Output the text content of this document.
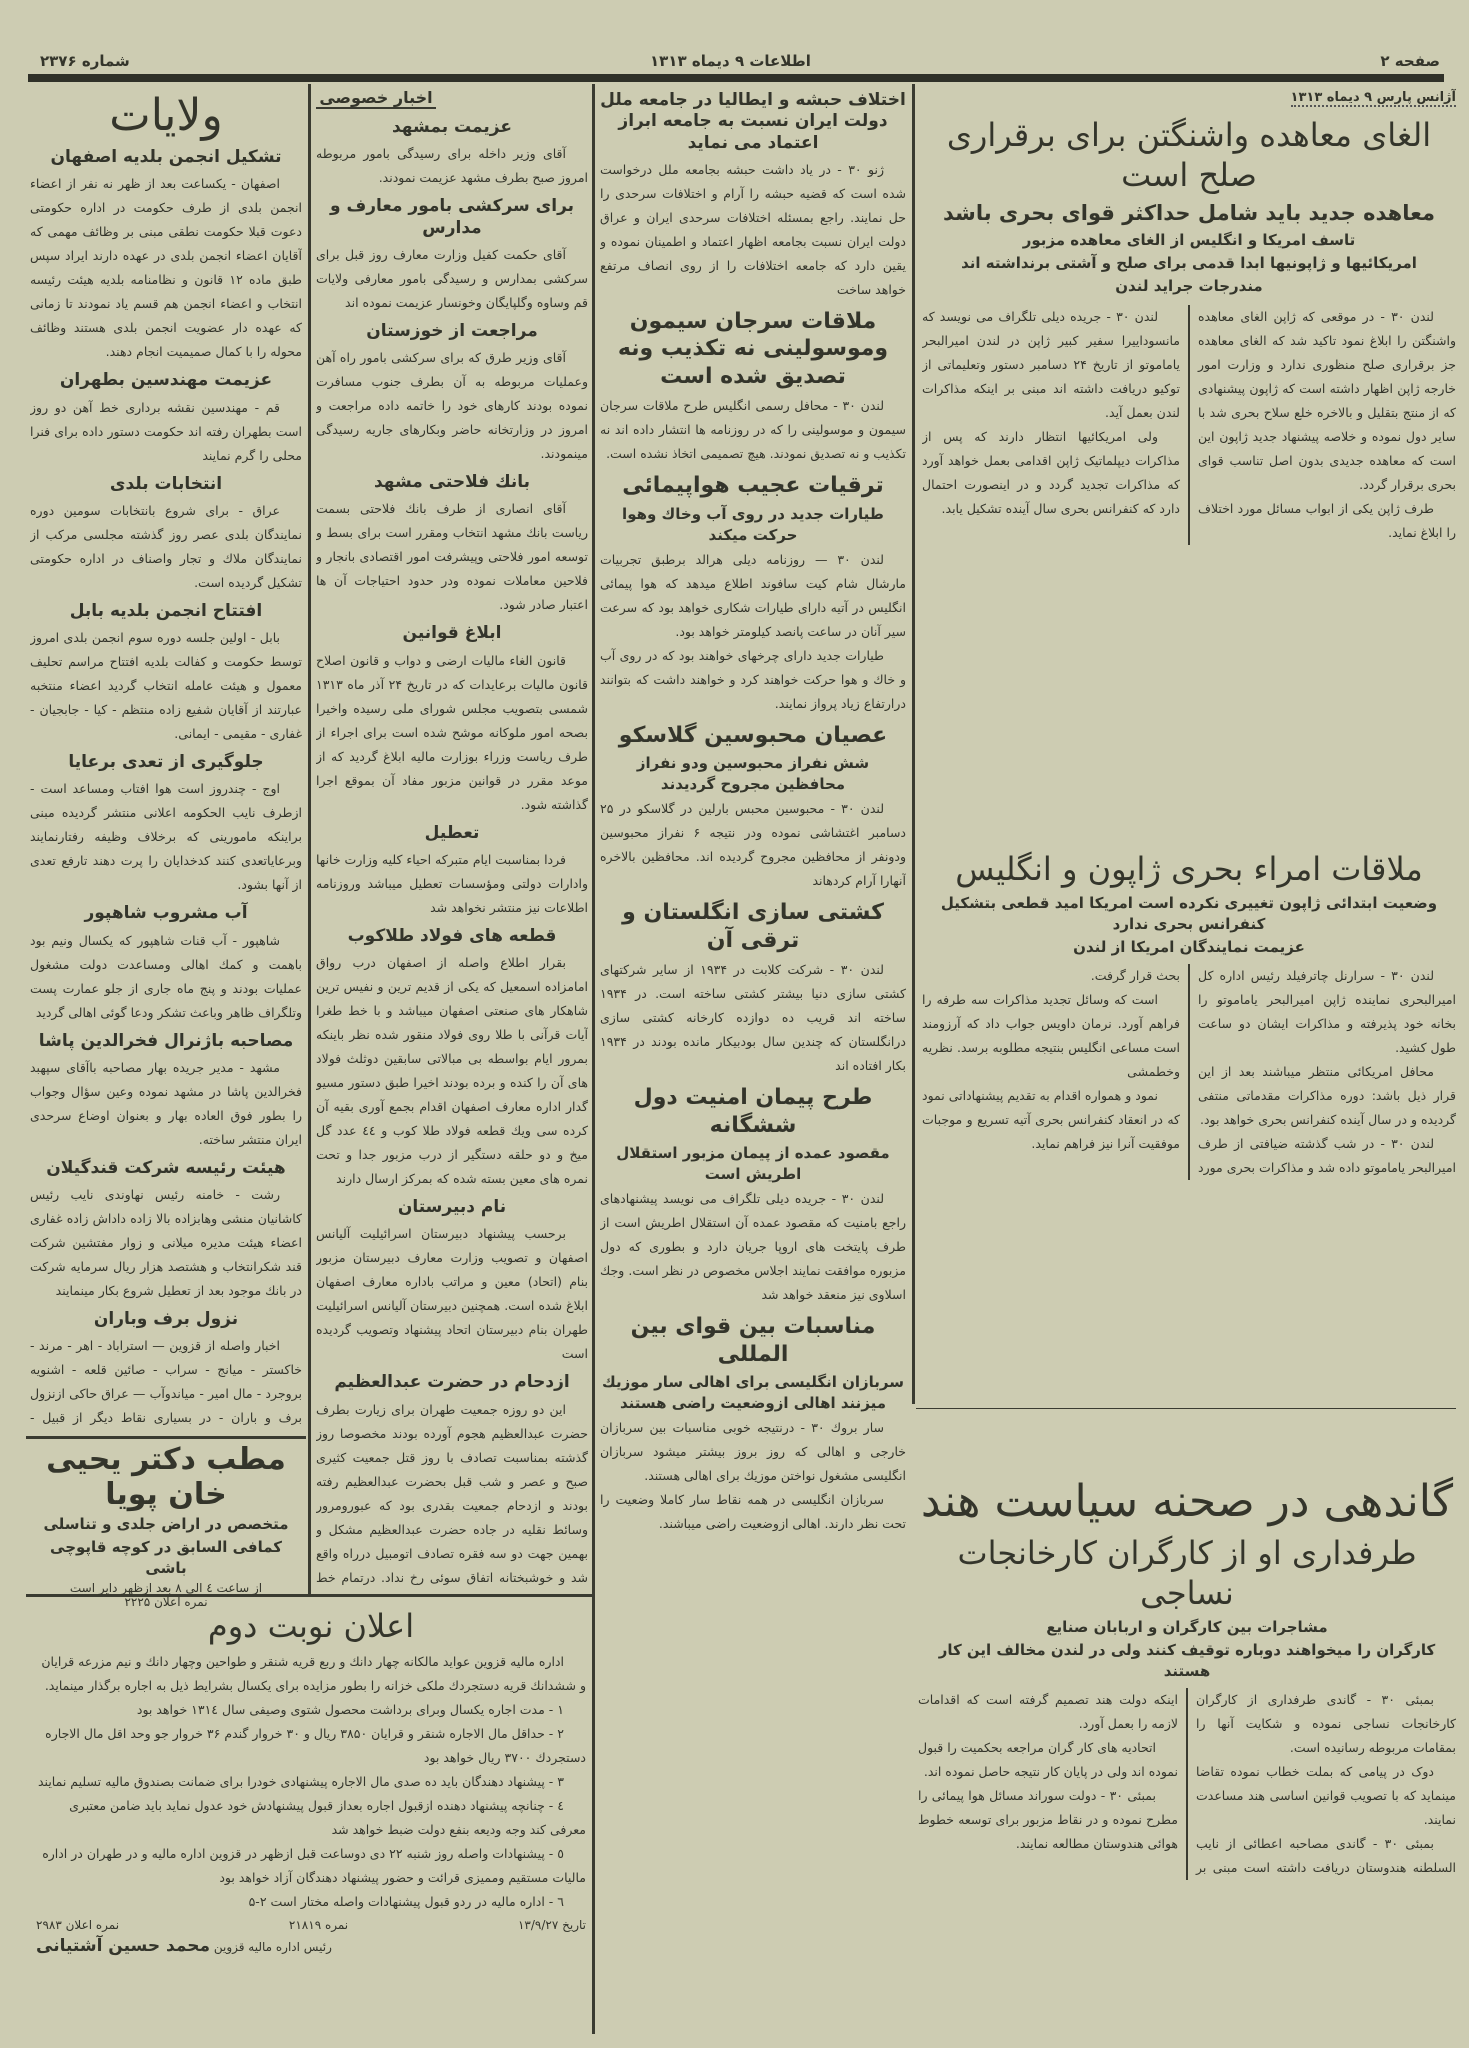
صفحه ۲
اطلاعات ۹ دیماه ۱۳۱۳
شماره ۲۳۷۶
آژانس پارس ۹ دیماه ۱۳۱۳
الغای معاهده واشنگتن برای برقراری صلح است
معاهده جدید باید شامل حداکثر قوای بحری باشد
تاسف امریکا و انگلیس از الغای معاهده مزبور
امریکائیها و ژاپونیها ابدا قدمی برای صلح و آشتی برنداشته اند
مندرجات جراید لندن

لندن ۳۰ - در موقعی که ژاپن الغای معاهده واشنگتن را ابلاغ نمود تاکید شد که الغای معاهده جز برقراری صلح منظوری ندارد و وزارت امور خارجه ژاپن اظهار داشته است که ژاپون پیشنهادی که از منتج بتقلیل و بالاخره خلع سلاح بحری شد با سایر دول نموده و خلاصه پیشنهاد جدید ژاپون این است که معاهده جدیدی بدون اصل تناسب قوای بحری برقرار گردد.

طرف ژاپن یکی از ابواب مسائل مورد اختلاف را ابلاغ نماید.

لندن ۳۰ - جریده دیلی تلگراف می نویسد که مانسوداییرا سفیر کبیر ژاپن در لندن امیرالبحر یاماموتو از تاریخ ۲۴ دسامبر دستور وتعلیماتی از توکیو دریافت داشته اند مبنی بر اینکه مذاکرات لندن بعمل آید.

ولی امریکائیها انتظار دارند که پس از مذاکرات دیپلماتیک ژاپن اقدامی بعمل خواهد آورد که مذاکرات تجدید گردد و در اینصورت احتمال دارد که کنفرانس بحری سال آینده تشکیل یابد.

ملاقات امراء بحری ژاپون و انگلیس
وضعیت ابتدائی ژاپون تغییری نکرده است امریکا امید قطعی بتشکیل کنفرانس بحری ندارد
عزیمت نمایندگان امریکا از لندن

لندن ۳۰ - سرارنل چاترفیلد رئیس اداره کل امیرالبحری نماینده ژاپن امیرالبحر یاماموتو را بخانه خود پذیرفته و مذاکرات ایشان دو ساعت طول کشید.

محافل امریکائی منتظر میباشند بعد از این قرار ذیل باشد: دوره مذاکرات مقدماتی منتفی گردیده و در سال آینده کنفرانس بحری خواهد بود.

لندن ۳۰ - در شب گذشته ضیافتی از طرف امیرالبحر یاماموتو داده شد و مذاکرات بحری مورد بحث قرار گرفت.

است که وسائل تجدید مذاکرات سه طرفه را فراهم آورد. نرمان داویس جواب داد که آرزومند است مساعی انگلیس بنتیجه مطلوبه برسد. نظریه وخطمشی

نمود و همواره اقدام به تقدیم پیشنهاداتی نمود که در انعقاد کنفرانس بحری آتیه تسریع و موجبات موفقیت آنرا نیز فراهم نماید.

گاندهی در صحنه سیاست هند
طرفداری او از کارگران کارخانجات نساجی
مشاجرات بین کارگران و اربابان صنایع
کارگران را میخواهند دوباره توقیف کنند ولی در لندن مخالف این کار هستند

بمبئی ۳۰ - گاندی طرفداری از کارگران کارخانجات نساجی نموده و شکایت آنها را بمقامات مربوطه رسانیده است.

دوک در پیامی که بملت خطاب نموده تقاضا مینماید که با تصویب قوانین اساسی هند مساعدت نمایند.

بمبئی ۳۰ - گاندی مصاحبه اعطائی از نایب السلطنه هندوستان دریافت داشته است مبنی بر اینکه دولت هند تصمیم گرفته است که اقدامات لازمه را بعمل آورد.

اتحادیه های کار گران مراجعه بحکمیت را قبول نموده اند ولی در پایان کار نتیجه حاصل نموده اند.

بمبئی ۳۰ - دولت سوراند مسائل هوا پیمائی را مطرح نموده و در نقاط مزبور برای توسعه خطوط هوائی هندوستان مطالعه نمایند.

اختلاف حبشه و ایطالیا در جامعه ملل دولت ایران نسبت به جامعه ابراز اعتماد می نماید

ژنو ۳۰ - در یاد داشت حبشه بجامعه ملل درخواست شده است که قضیه حبشه را آرام و اختلافات سرحدی را حل نمایند. راجع بمسئله اختلافات سرحدی ایران و عراق دولت ایران نسبت بجامعه اظهار اعتماد و اطمینان نموده و یقین دارد که جامعه اختلافات را از روی انصاف مرتفع خواهد ساخت

ملاقات سرجان سیمون وموسولینی نه تکذیب ونه تصدیق شده است

لندن ۳۰ - محافل رسمی انگلیس طرح ملاقات سرجان سیمون و موسولینی را که در روزنامه ها انتشار داده اند نه تکذیب و نه تصدیق نمودند. هیچ تصمیمی اتخاذ نشده است.

ترقیات عجیب هواپیمائی
طیارات جدید در روی آب وخاك وهوا حركت میكند

لندن ۳۰ — روزنامه دیلی هرالد برطبق تجربیات مارشال شام کیت سافوند اطلاع میدهد که هوا پیمائی انگلیس در آتیه دارای طیارات شکاری خواهد بود که سرعت سیر آنان در ساعت پانصد کیلومتر خواهد بود.

طیارات جدید دارای چرخهای خواهند بود که در روی آب و خاك و هوا حرکت خواهند کرد و خواهند داشت که بتوانند درارتفاع زیاد پرواز نمایند.

عصیان محبوسین گلاسکو
شش نفراز محبوسین ودو نفراز محافظین مجروح گردیدند

لندن ۳۰ - محبوسین محبس بارلین در گلاسکو در ۲۵ دسامبر اغتشاشی نموده ودر نتیجه ۶ نفراز محبوسین ودونفر از محافظین مجروح گردیده اند. محافظین بالاخره آنهارا آرام کردهاند

کشتی سازی انگلستان و ترقی آن

لندن ۳۰ - شرکت کلابت در ۱۹۳۴ از سایر شرکتهای کشتی سازی دنیا بیشتر کشتی ساخته است. در ۱۹۳۴ ساخته اند قریب ده دوازده کارخانه کشتی سازی درانگلستان که چندین سال بودبیکار مانده بودند در ۱۹۳۴ بکار افتاده اند

طرح پیمان امنیت دول ششگانه
مقصود عمده از پیمان مزبور استقلال اطریش است

لندن ۳۰ - جریده دیلی تلگراف می نویسد پیشنهادهای راجع بامنیت که مقصود عمده آن استقلال اطریش است از طرف پایتخت های اروپا جریان دارد و بطوری که دول مزبوره موافقت نمایند اجلاس مخصوص در نظر است. وجك اسلاوی نیز منعقد خواهد شد

مناسبات بین قوای بین المللی
سربازان انگلیسی برای اهالی سار موزیك میزنند اهالی ازوضعیت راضی هستند

سار بروك ۳۰ - درنتیجه خوبی مناسبات بین سربازان خارجی و اهالی که روز بروز بیشتر میشود سربازان انگلیسی مشغول نواختن موزیك برای اهالی هستند.

سربازان انگلیسی در همه نقاط سار کاملا وضعیت را تحت نظر دارند. اهالی ازوضعیت راضی میباشند.

اخبار خصوصی
عزیمت بمشهد

آقای وزیر داخله برای رسیدگی بامور مربوطه امروز صبح بطرف مشهد عزیمت نمودند.

برای سرکشی بامور معارف و مدارس

آقای حکمت کفیل وزارت معارف روز قبل برای سرکشی بمدارس و رسیدگی بامور معارفی ولایات قم وساوه وگلپایگان وخونسار عزیمت نموده اند

مراجعت از خوزستان

آقای وزیر طرق که برای سرکشی بامور راه آهن وعملیات مربوطه به آن بطرف جنوب مسافرت نموده بودند کارهای خود را خاتمه داده مراجعت و امروز در وزارتخانه حاضر وبکارهای جاریه رسیدگی مینمودند.

بانك فلاحتی مشهد

آقای انصاری از طرف بانك فلاحتی بسمت ریاست بانك مشهد انتخاب ومقرر است برای بسط و توسعه امور فلاحتی وپیشرفت امور اقتصادی بانجار و فلاحین معاملات نموده ودر حدود احتیاجات آن ها اعتبار صادر شود.

ابلاغ قوانین

قانون الغاء مالیات ارضی و دواب و قانون اصلاح قانون مالیات برعایدات که در تاریخ ۲۴ آذر ماه ۱۳۱۳ شمسی بتصویب مجلس شورای ملی رسیده واخیرا بصحه امور ملوکانه موشح شده است برای اجراء از طرف ریاست وزراء بوزارت مالیه ابلاغ گردید که از موعد مقرر در قوانین مزبور مفاد آن بموقع اجرا گذاشته شود.

تعطیل

فردا بمناسبت ایام متبرکه احیاء کلیه وزارت خانها وادارات دولتی ومؤسسات تعطیل میباشد وروزنامه اطلاعات نیز منتشر نخواهد شد

قطعه های فولاد طلاکوب

بقرار اطلاع واصله از اصفهان درب رواق امامزاده اسمعیل که یکی از قدیم ترین و نفیس ترین شاهکار های صنعتی اصفهان میباشد و با خط طغرا آیات قرآنی با طلا روی فولاد منقور شده نظر باینکه بمرور ایام بواسطه بی مبالاتی سابقین دوثلث فولاد های آن را کنده و برده بودند اخیرا طبق دستور مسیو گدار اداره معارف اصفهان اقدام بجمع آوری بقیه آن کرده سی ویك قطعه فولاد طلا کوب و ٤٤ عدد گل میخ و دو حلقه دستگیر از درب مزبور جدا و تحت نمره های معین بسته شده که بمرکز ارسال دارند

نام دبیرستان

برحسب پیشنهاد دبیرستان اسرائیلیت آلیانس اصفهان و تصویب وزارت معارف دبیرستان مزبور بنام (اتحاد) معین و مراتب باداره معارف اصفهان ابلاغ شده است. همچنین دبیرستان آلیانس اسرائیلیت طهران بنام دبیرستان اتحاد پیشنهاد وتصویب گردیده است

ازدحام در حضرت عبدالعظیم

این دو روزه جمعیت طهران برای زیارت بطرف حضرت عبدالعظیم هجوم آورده بودند مخصوصا روز گذشته بمناسبت تصادف با روز قتل جمعیت کثیری صبح و عصر و شب قبل بحضرت عبدالعظیم رفته بودند و ازدحام جمعیت بقدری بود که عبورومرور وسائط نقلیه در جاده حضرت عبدالعظیم مشکل و بهمین جهت دو سه فقره تصادف اتومبیل درراه واقع شد و خوشبختانه اتفاق سوئی رخ نداد. درتمام خط

ولایات
تشکیل انجمن بلدیه اصفهان

اصفهان - یکساعت بعد از ظهر نه نفر از اعضاء انجمن بلدی از طرف حکومت در اداره حکومتی دعوت قبلا حکومت نطقی مبنی بر وظائف مهمی که آقایان اعضاء انجمن بلدی در عهده دارند ایراد سپس طبق ماده ۱۲ قانون و نظامنامه بلدیه هیئت رئیسه انتخاب و اعضاء انجمن هم قسم یاد نمودند تا زمانی که عهده دار عضویت انجمن بلدی هستند وظائف محوله را با کمال صمیمیت انجام دهند.

عزیمت مهندسین بطهران

قم - مهندسین نقشه برداری خط آهن دو روز است بطهران رفته اند حکومت دستور داده برای فنرا محلی را گرم نمایند

انتخابات بلدی

عراق - برای شروع بانتخابات سومین دوره نمایندگان بلدی عصر روز گذشته مجلسی مرکب از نمایندگان ملاك و تجار واصناف در اداره حکومتی تشکیل گردیده است.

افتتاح انجمن بلدیه بابل

بابل - اولین جلسه دوره سوم انجمن بلدی امروز توسط حکومت و کفالت بلدیه افتتاح مراسم تحلیف معمول و هیئت عامله انتخاب گردید اعضاء منتخبه عبارتند از آقایان شفیع زاده منتظم - کیا - جابجیان - غفاری - مقیمی - ایمانی.

جلوگیری از تعدی برعایا

اوج - چندروز است هوا افتاب ومساعد است - ازطرف نایب الحکومه اعلانی منتشر گردیده مبنی براینکه مامورینی که برخلاف وظیفه رفتارنمایند وبرعایاتعدی کنند کدخدایان را پرت دهند تارفع تعدی از آنها بشود.

آب مشروب شاهپور

شاهپور - آب قنات شاهپور که یکسال ونیم بود باهمت و کمك اهالی ومساعدت دولت مشغول عملیات بودند و پنج ماه جاری از جلو عمارت پست وتلگراف ظاهر وباعث تشکر ودعا گوئی اهالی گردید

مصاحبه باژنرال فخرالدین پاشا

مشهد - مدیر جریده بهار مصاحبه باآقای سپهبد فخرالدین پاشا در مشهد نموده وعین سؤال وجواب را بطور فوق العاده بهار و بعنوان اوضاع سرحدی ایران منتشر ساخته.

هیئت رئیسه شرکت قندگیلان

رشت - خامنه رئیس نهاوندی نایب رئیس کاشانیان منشی وهابزاده بالا زاده داداش زاده غفاری اعضاء هیئت مدیره میلانی و زوار مفتشین شرکت قند شکرانتخاب و هشتصد هزار ریال سرمایه شرکت در بانك موجود بعد از تعطیل شروع بکار مینمایند

نزول برف وباران

اخبار واصله از قزوین — استراباد - اهر - مرند - خاکستر - میانج - سراب - صائین قلعه - اشنویه بروجرد - مال امیر - میاندوآب — عراق حاکی ازنزول برف و باران - در بسیاری نقاط دیگر از قبیل -

مطب دکتر یحیی خان پویا
متخصص در اراض جلدی و تناسلی
کمافی السابق در کوچه قاپوچی باشی
از ساعت ٤ الی ٨ بعد ازظهر دایر است
نمره اعلان ۲۲۲۵
اعلان نوبت دوم

اداره مالیه قزوین عواید مالکانه چهار دانك و ربع قریه شنقر و طواحین وچهار دانك و نیم مزرعه قرایان و ششدانك قریه دستجردك ملکی خزانه را بطور مزایده برای یکسال بشرایط ذیل به اجاره برگذار مینماید.

۱ - مدت اجاره یکسال وبرای برداشت محصول شتوی وصیفی سال ۱۳۱٤ خواهد بود

۲ - حداقل مال الاجاره شنقر و قرایان ۳۸۵۰ ریال و ۳۰ خروار گندم ۳۶ خروار جو وحد اقل مال الاجاره دستجردك ۳۷۰۰ ریال خواهد بود

۳ - پیشنهاد دهندگان باید ده صدی مال الاجاره پیشنهادی خودرا برای ضمانت بصندوق مالیه تسلیم نمایند

٤ - چنانچه پیشنهاد دهنده ازقبول اجاره بعداز قبول پیشنهادش خود عدول نماید باید ضامن معتبری معرفی کند وجه ودیعه بنفع دولت ضبط خواهد شد

٥ - پیشنهادات واصله روز شنبه ۲۲ دی دوساعت قبل ازظهر در قزوین اداره مالیه و در طهران در اداره مالیات مستقیم وممیزی قرائت و حضور پیشنهاد دهندگان آزاد خواهد بود

٦ - اداره مالیه در ردو قبول پیشنهادات واصله مختار است ۲-۵

تاریخ ۱۳/۹/۲۷
نمره ۲۱۸۱۹
نمره اعلان ۲۹۸۳
رئیس اداره مالیه قزوین محمد حسین آشتیانی
